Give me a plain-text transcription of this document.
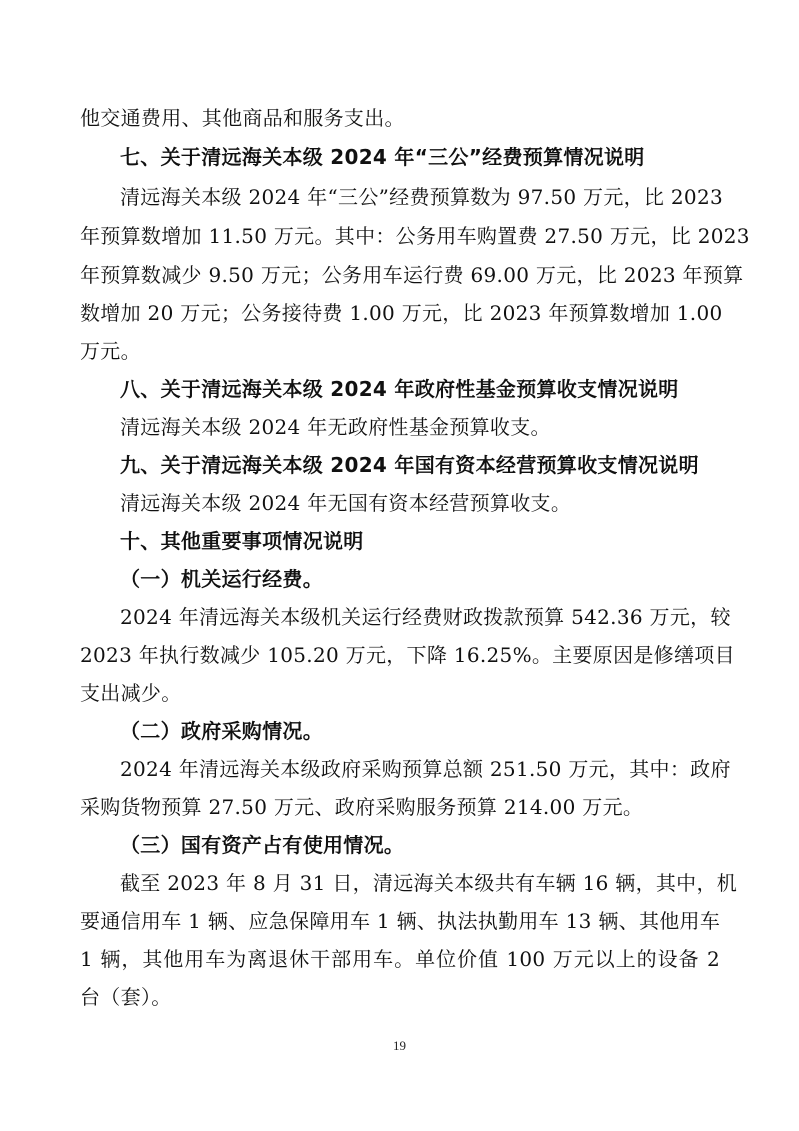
他交通费用、其他商品和服务支出。
七、关于清远海关本级 2024 年“三公”经费预算情况说明
清远海关本级 2024 年“三公”经费预算数为 97.50 万元，比 2023
年预算数增加 11.50 万元。其中：公务用车购置费 27.50 万元，比 2023
年预算数减少 9.50 万元；公务用车运行费 69.00 万元，比 2023 年预算
数增加 20 万元；公务接待费 1.00 万元，比 2023 年预算数增加 1.00
万元。
八、关于清远海关本级 2024 年政府性基金预算收支情况说明
清远海关本级 2024 年无政府性基金预算收支。
九、关于清远海关本级 2024 年国有资本经营预算收支情况说明
清远海关本级 2024 年无国有资本经营预算收支。
十、其他重要事项情况说明
（一）机关运行经费。
2024 年清远海关本级机关运行经费财政拨款预算 542.36 万元，较
2023 年执行数减少 105.20 万元，下降 16.25%。主要原因是修缮项目
支出减少。
（二）政府采购情况。
2024 年清远海关本级政府采购预算总额 251.50 万元，其中：政府
采购货物预算 27.50 万元、政府采购服务预算 214.00 万元。
（三）国有资产占有使用情况。
截至 2023 年 8 月 31 日，清远海关本级共有车辆 16 辆，其中，机
要通信用车 1 辆、应急保障用车 1 辆、执法执勤用车 13 辆、其他用车
1 辆，其他用车为离退休干部用车。单位价值 100 万元以上的设备 2
台（套）。
19
